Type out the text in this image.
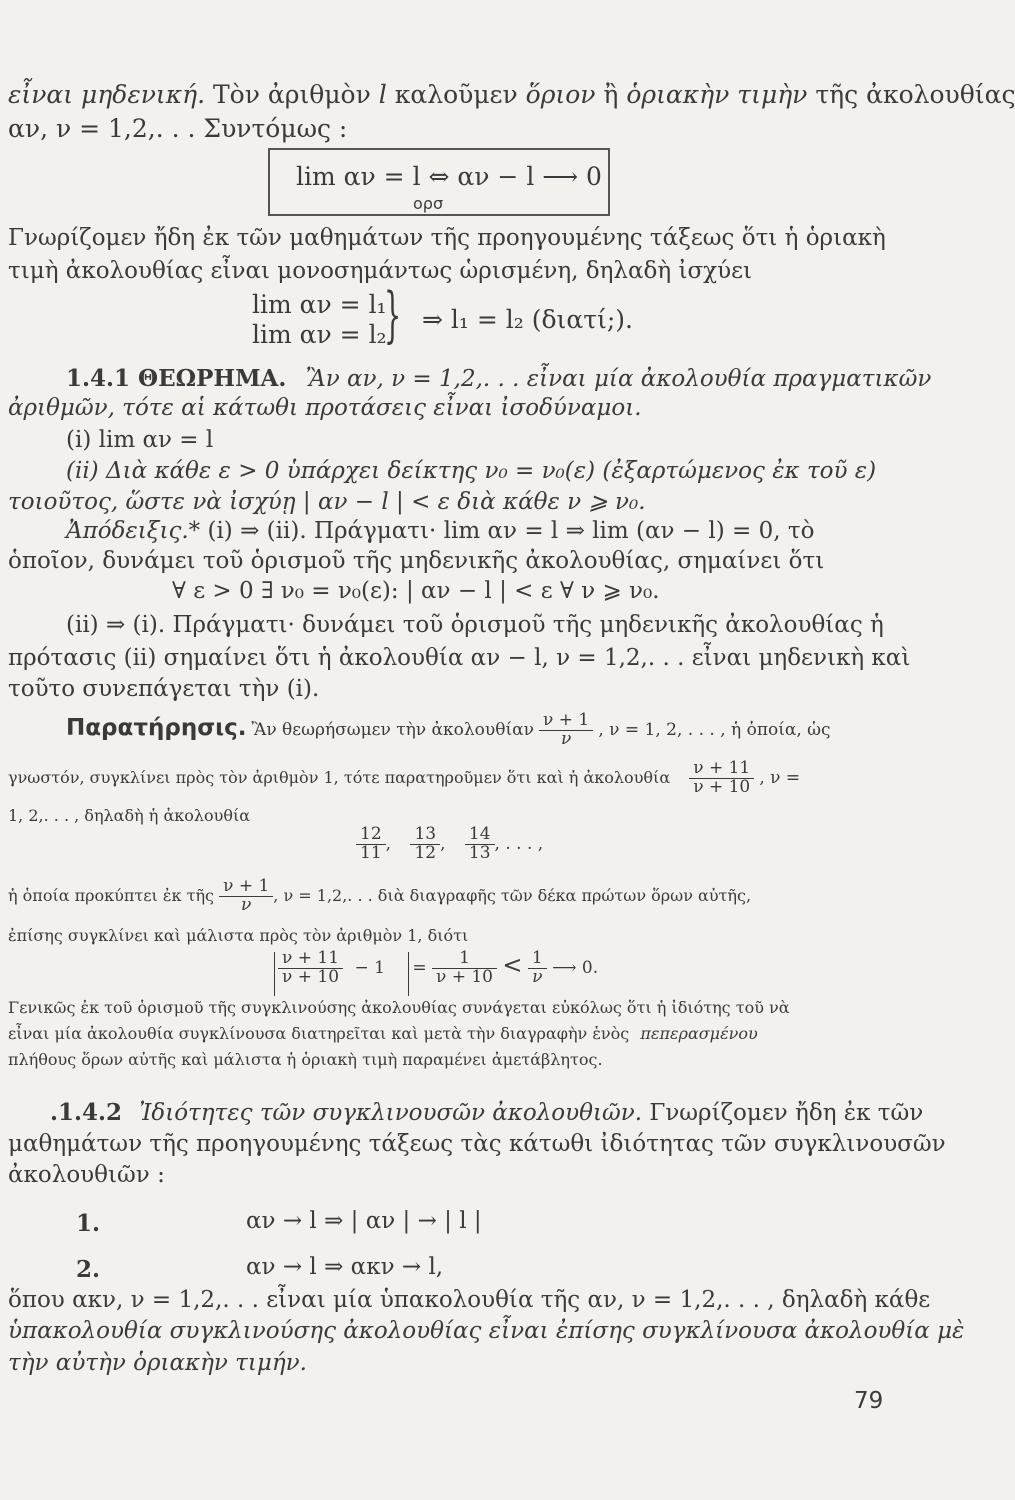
εἶναι μηδενική. Τὸν ἀριθμὸν l καλοῦμεν ὅριον ἢ ὁριακὴν τιμὴν τῆς ἀκολουθίας
αν, ν = 1,2,. . . Συντόμως :
lim αν = l ⇔ αν − l ⟶ 0
ορσ
Γνωρίζομεν ἤδη ἐκ τῶν μαθημάτων τῆς προηγουμένης τάξεως ὅτι ἡ ὁριακὴ
τιμὴ ἀκολουθίας εἶναι μονοσημάντως ὡρισμένη, δηλαδὴ ἰσχύει
lim αν = l₁
lim αν = l₂
} ⇒ l₁ = l₂ (διατί;).
1.4.1 ΘΕΩΡΗΜΑ. Ἂν αν, ν = 1,2,. . . εἶναι μία ἀκολουθία πραγματικῶν
ἀριθμῶν, τότε αἱ κάτωθι προτάσεις εἶναι ἰσοδύναμοι.
(i) lim αν = l
(ii) Διὰ κάθε ε > 0 ὑπάρχει δείκτης ν₀ = ν₀(ε) (ἐξαρτώμενος ἐκ τοῦ ε)
τοιοῦτος, ὥστε νὰ ἰσχύῃ | αν − l | < ε διὰ κάθε ν ⩾ ν₀.
Ἀπόδειξις.* (i) ⇒ (ii). Πράγματι· lim αν = l ⇒ lim (αν − l) = 0, τὸ
ὁποῖον, δυνάμει τοῦ ὁρισμοῦ τῆς μηδενικῆς ἀκολουθίας, σημαίνει ὅτι
∀ ε > 0 ∃ ν₀ = ν₀(ε): | αν − l | < ε ∀ ν ⩾ ν₀.
(ii) ⇒ (i). Πράγματι· δυνάμει τοῦ ὁρισμοῦ τῆς μηδενικῆς ἀκολουθίας ἡ
πρότασις (ii) σημαίνει ὅτι ἡ ἀκολουθία αν − l, ν = 1,2,. . . εἶναι μηδενικὴ καὶ
τοῦτο συνεπάγεται τὴν (i).
Παρατήρησις. Ἂν θεωρήσωμεν τὴν ἀκολουθίαν $\frac{\nu + 1}{\nu}$ , ν = 1, 2, . . . , ἡ ὁποία, ὡς
γνωστόν, συγκλίνει πρὸς τὸν ἀριθμὸν 1, τότε παρατηροῦμεν ὅτι καὶ ἡ ἀκολουθία $\frac{\nu + 11}{\nu + 10}$ , ν =
1, 2,. . . , δηλαδὴ ἡ ἀκολουθία
$\frac{12}{11}$ , $\frac{13}{12}$ , $\frac{14}{13}$ , . . . ,
ἡ ὁποία προκύπτει ἐκ τῆς $\frac{\nu + 1}{\nu}$ , ν = 1,2,. . . διὰ διαγραφῆς τῶν δέκα πρώτων ὅρων αὐτῆς,
ἐπίσης συγκλίνει καὶ μάλιστα πρὸς τὸν ἀριθμὸν 1, διότι
$\frac{\nu + 11}{\nu + 10} - 1 = \frac{1}{\nu + 10} < \frac{1}{\nu}$ ⟶ 0.
Γενικῶς ἐκ τοῦ ὁρισμοῦ τῆς συγκλινούσης ἀκολουθίας συνάγεται εὐκόλως ὅτι ἡ ἰδιότης τοῦ νὰ
εἶναι μία ἀκολουθία συγκλίνουσα διατηρεῖται καὶ μετὰ τὴν διαγραφὴν ἑνὸς πεπερασμένου
πλήθους ὅρων αὐτῆς καὶ μάλιστα ἡ ὁριακὴ τιμὴ παραμένει ἀμετάβλητος.
.1.4.2 Ἰδιότητες τῶν συγκλινουσῶν ἀκολουθιῶν. Γνωρίζομεν ἤδη ἐκ τῶν
μαθημάτων τῆς προηγουμένης τάξεως τὰς κάτωθι ἰδιότητας τῶν συγκλινουσῶν
ἀκολουθιῶν :
1.	αν → l ⇒ | αν | → | l |
2.	αν → l ⇒ ακν → l,
ὅπου ακν, ν = 1,2,. . . εἶναι μία ὑπακολουθία τῆς αν, ν = 1,2,. . . , δηλαδὴ κάθε
ὑπακολουθία συγκλινούσης ἀκολουθίας εἶναι ἐπίσης συγκλίνουσα ἀκολουθία μὲ
τὴν αὐτὴν ὁριακὴν τιμήν.
79
